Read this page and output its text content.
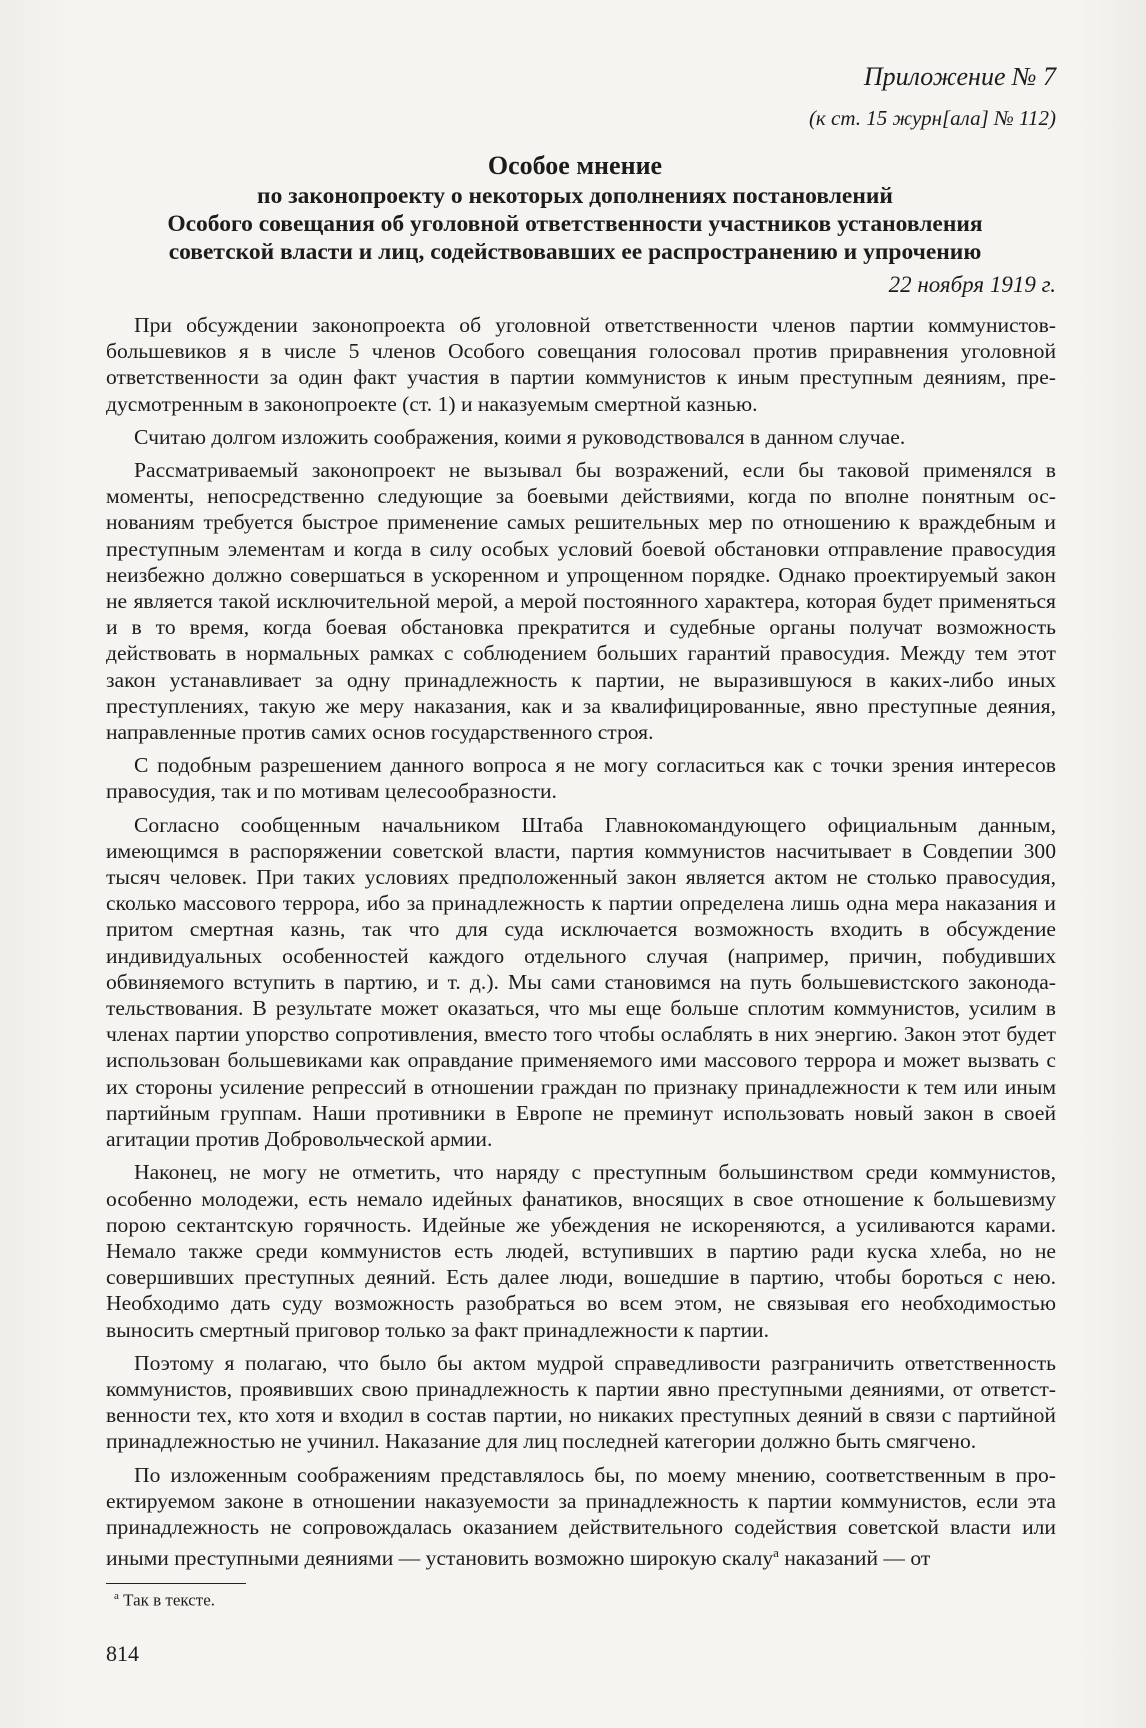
Приложение № 7
(к ст. 15 журн[ала] № 112)
Особое мнение
по законопроекту о некоторых дополнениях постановлений
Особого совещания об уголовной ответственности участников установления
советской власти и лиц, содействовавших ее распространению и упрочению
22 ноября 1919 г.

При обсуждении законопроекта об уголовной ответственности членов партии коммунистов-большевиков я в числе 5 членов Особого совещания голосовал против приравнения уголовной ответственности за один факт участия в партии коммунистов к иным преступным деяниям, предусмотренным в законопроекте (ст. 1) и наказуемым смертной казнью.

Считаю долгом изложить соображения, коими я руководствовался в данном случае.

Рассматриваемый законопроект не вызывал бы возражений, если бы таковой применялся в моменты, непосредственно следующие за боевыми действиями, когда по вполне понятным основаниям требуется быстрое применение самых решительных мер по отношению к враждебным и преступным элементам и когда в силу особых условий боевой обстановки отправление правосудия неизбежно должно совершаться в ускоренном и упрощенном порядке. Однако проектируемый закон не является такой исключительной мерой, а мерой постоянного характера, которая будет применяться и в то время, когда боевая обстановка прекратится и судебные органы получат возможность действовать в нормальных рамках с соблюдением больших гарантий правосудия. Между тем этот закон устанавливает за одну принадлежность к партии, не выразившуюся в каких-либо иных преступлениях, такую же меру наказания, как и за квалифицированные, явно преступные деяния, направленные против самих основ государственного строя.

С подобным разрешением данного вопроса я не могу согласиться как с точки зрения интересов правосудия, так и по мотивам целесообразности.

Согласно сообщенным начальником Штаба Главнокомандующего официальным данным, имеющимся в распоряжении советской власти, партия коммунистов насчитывает в Совдепии 300 тысяч человек. При таких условиях предположенный закон является актом не столько правосудия, сколько массового террора, ибо за принадлежность к партии определена лишь одна мера наказания и притом смертная казнь, так что для суда исключается возможность входить в обсуждение индивидуальных особенностей каждого отдельного случая (например, причин, побудивших обвиняемого вступить в партию, и т. д.). Мы сами становимся на путь большевистского законодательствования. В результате может оказаться, что мы еще больше сплотим коммунистов, усилим в членах партии упорство сопротивления, вместо того чтобы ослаблять в них энергию. Закон этот будет использован большевиками как оправдание применяемого ими массового террора и может вызвать с их стороны усиление репрессий в отношении граждан по признаку принадлежности к тем или иным партийным группам. Наши противники в Европе не преминут использовать новый закон в своей агитации против Добровольческой армии.

Наконец, не могу не отметить, что наряду с преступным большинством среди коммунистов, особенно молодежи, есть немало идейных фанатиков, вносящих в свое отношение к большевизму порою сектантскую горячность. Идейные же убеждения не искореняются, а усиливаются карами. Немало также среди коммунистов есть людей, вступивших в партию ради куска хлеба, но не совершивших преступных деяний. Есть далее люди, вошедшие в партию, чтобы бороться с нею. Необходимо дать суду возможность разобраться во всем этом, не связывая его необходимостью выносить смертный приговор только за факт принадлежности к партии.

Поэтому я полагаю, что было бы актом мудрой справедливости разграничить ответственность коммунистов, проявивших свою принадлежность к партии явно преступными деяниями, от ответственности тех, кто хотя и входил в состав партии, но никаких преступных деяний в связи с партийной принадлежностью не учинил. Наказание для лиц последней категории должно быть смягчено.

По изложенным соображениям представлялось бы, по моему мнению, соответственным в проектируемом законе в отношении наказуемости за принадлежность к партии коммунистов, если эта принадлежность не сопровождалась оказанием действительного содействия советской власти или иными преступными деяниями — установить возможно широкую скалу$^а$ наказаний — от

$^а$ Так в тексте.
814
